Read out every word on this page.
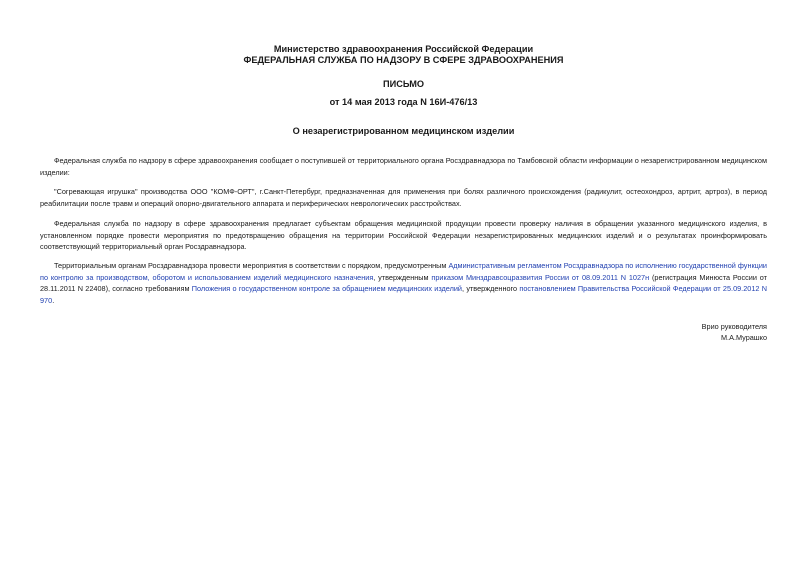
Министерство здравоохранения Российской Федерации
ФЕДЕРАЛЬНАЯ СЛУЖБА ПО НАДЗОРУ В СФЕРЕ ЗДРАВООХРАНЕНИЯ
ПИСЬМО
от 14 мая 2013 года N 16И-476/13
О незарегистрированном медицинском изделии
Федеральная служба по надзору в сфере здравоохранения сообщает о поступившей от территориального органа Росздравнадзора по Тамбовской области информации о незарегистрированном медицинском изделии:
"Согревающая игрушка" производства ООО "КОМФ-ОРТ", г.Санкт-Петербург, предназначенная для применения при болях различного происхождения (радикулит, остеохондроз, артрит, артроз), в период реабилитации после травм и операций опорно-двигательного аппарата и периферических неврологических расстройствах.
Федеральная служба по надзору в сфере здравоохранения предлагает субъектам обращения медицинской продукции провести проверку наличия в обращении указанного медицинского изделия, в установленном порядке провести мероприятия по предотвращению обращения на территории Российской Федерации незарегистрированных медицинских изделий и о результатах проинформировать соответствующий территориальный орган Росздравнадзора.
Территориальным органам Росздравнадзора провести мероприятия в соответствии с порядком, предусмотренным Административным регламентом Росздравнадзора по исполнению государственной функции по контролю за производством, оборотом и использованием изделий медицинского назначения, утвержденным приказом Минздравсоцразвития России от 08.09.2011 N 1027н (регистрация Минюста России от 28.11.2011 N 22408), согласно требованиям Положения о государственном контроле за обращением медицинских изделий, утвержденного постановлением Правительства Российской Федерации от 25.09.2012 N 970.
Врио руководителя
М.А.Мурашко
